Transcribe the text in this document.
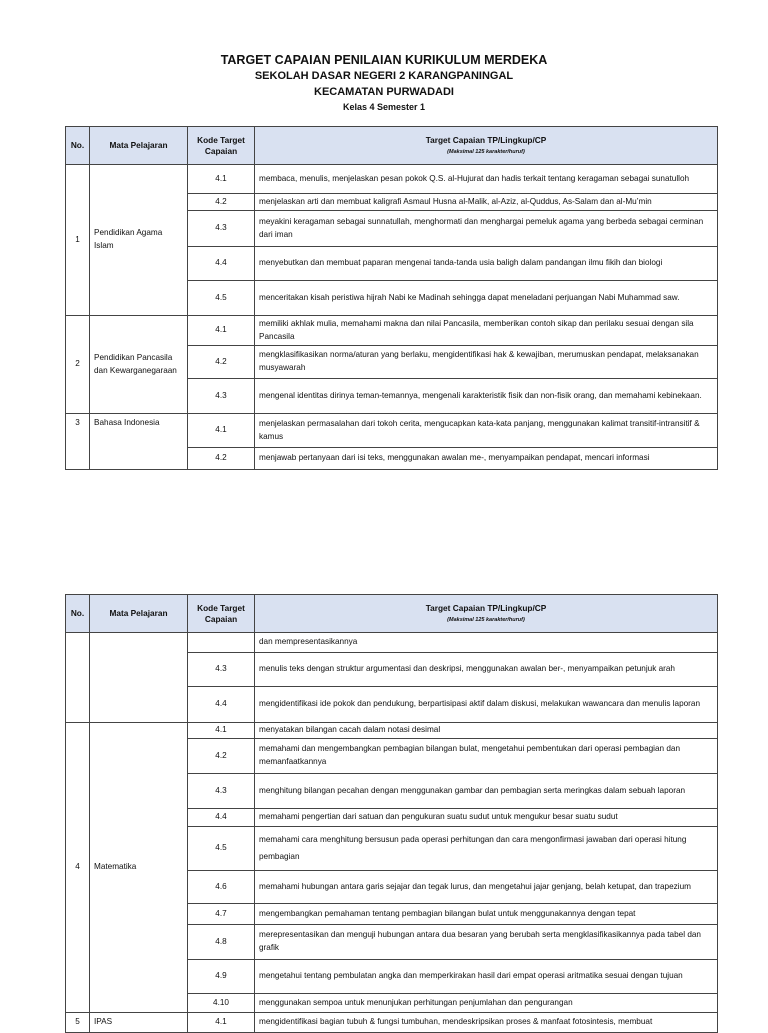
TARGET CAPAIAN PENILAIAN KURIKULUM MERDEKA
SEKOLAH DASAR NEGERI 2 KARANGPANINGAL
KECAMATAN PURWADADI
Kelas 4 Semester 1
No.	Mata Pelajaran	Kode Target Capaian	Target Capaian TP/Lingkup/CP
(Maksimal 125 karakter/huruf)

1	Pendidikan Agama Islam	4.1	membaca, menulis, menjelaskan pesan pokok Q.S. al-Hujurat dan hadis terkait tentang keragaman sebagai sunatulloh
		4.2	menjelaskan arti dan membuat kaligrafi Asmaul Husna al-Malik, al-Aziz, al-Quddus, As-Salam dan al-Mu’min
		4.3	meyakini keragaman sebagai sunnatullah, menghormati dan menghargai pemeluk agama yang berbeda sebagai cerminan dari iman
		4.4	menyebutkan dan membuat paparan mengenai tanda-tanda usia baligh dalam pandangan ilmu fikih dan biologi
		4.5	menceritakan kisah peristiwa hijrah Nabi ke Madinah sehingga dapat meneladani perjuangan Nabi Muhammad saw.
2	Pendidikan Pancasila dan Kewarganegaraan	4.1	memiliki akhlak mulia, memahami makna dan nilai Pancasila, memberikan contoh sikap dan perilaku sesuai dengan sila Pancasila
		4.2	mengklasifikasikan norma/aturan yang berlaku, mengidentifikasi hak & kewajiban, merumuskan pendapat, melaksanakan musyawarah
		4.3	mengenal identitas dirinya teman-temannya, mengenali karakteristik fisik dan non-fisik orang, dan memahami kebinekaan.
3	Bahasa Indonesia	4.1	menjelaskan permasalahan dari tokoh cerita, mengucapkan kata-kata panjang, menggunakan kalimat transitif-intransitif & kamus
		4.2	menjawab pertanyaan dari isi teks, menggunakan awalan me-, menyampaikan pendapat, mencari informasi
No.	Mata Pelajaran	Kode Target Capaian	Target Capaian TP/Lingkup/CP
(Maksimal 125 karakter/huruf)

			dan mempresentasikannya
		4.3	menulis teks dengan struktur argumentasi dan deskripsi, menggunakan awalan ber-, menyampaikan petunjuk arah
		4.4	mengidentifikasi ide pokok dan pendukung, berpartisipasi aktif dalam diskusi, melakukan wawancara dan menulis laporan
4	Matematika	4.1	menyatakan bilangan cacah dalam notasi desimal
		4.2	memahami dan mengembangkan pembagian bilangan bulat, mengetahui pembentukan dari operasi pembagian dan memanfaatkannya
		4.3	menghitung bilangan pecahan dengan menggunakan gambar dan pembagian serta meringkas dalam sebuah laporan
		4.4	memahami pengertian dari satuan dan pengukuran suatu sudut untuk mengukur besar suatu sudut
		4.5	memahami cara menghitung bersusun pada operasi perhitungan dan cara mengonfirmasi jawaban dari operasi hitung pembagian
		4.6	memahami hubungan antara garis sejajar dan tegak lurus, dan mengetahui jajar genjang, belah ketupat, dan trapezium
		4.7	mengembangkan pemahaman tentang pembagian bilangan bulat untuk menggunakannya dengan tepat
		4.8	merepresentasikan dan menguji hubungan antara dua besaran yang berubah serta mengklasifikasikannya pada tabel dan grafik
		4.9	mengetahui tentang pembulatan angka dan memperkirakan hasil dari empat operasi aritmatika sesuai dengan tujuan
		4.10	menggunakan sempoa untuk menunjukan perhitungan penjumlahan dan pengurangan
5	IPAS	4.1	mengidentifikasi bagian tubuh & fungsi tumbuhan, mendeskripsikan proses & manfaat fotosintesis, membuat
